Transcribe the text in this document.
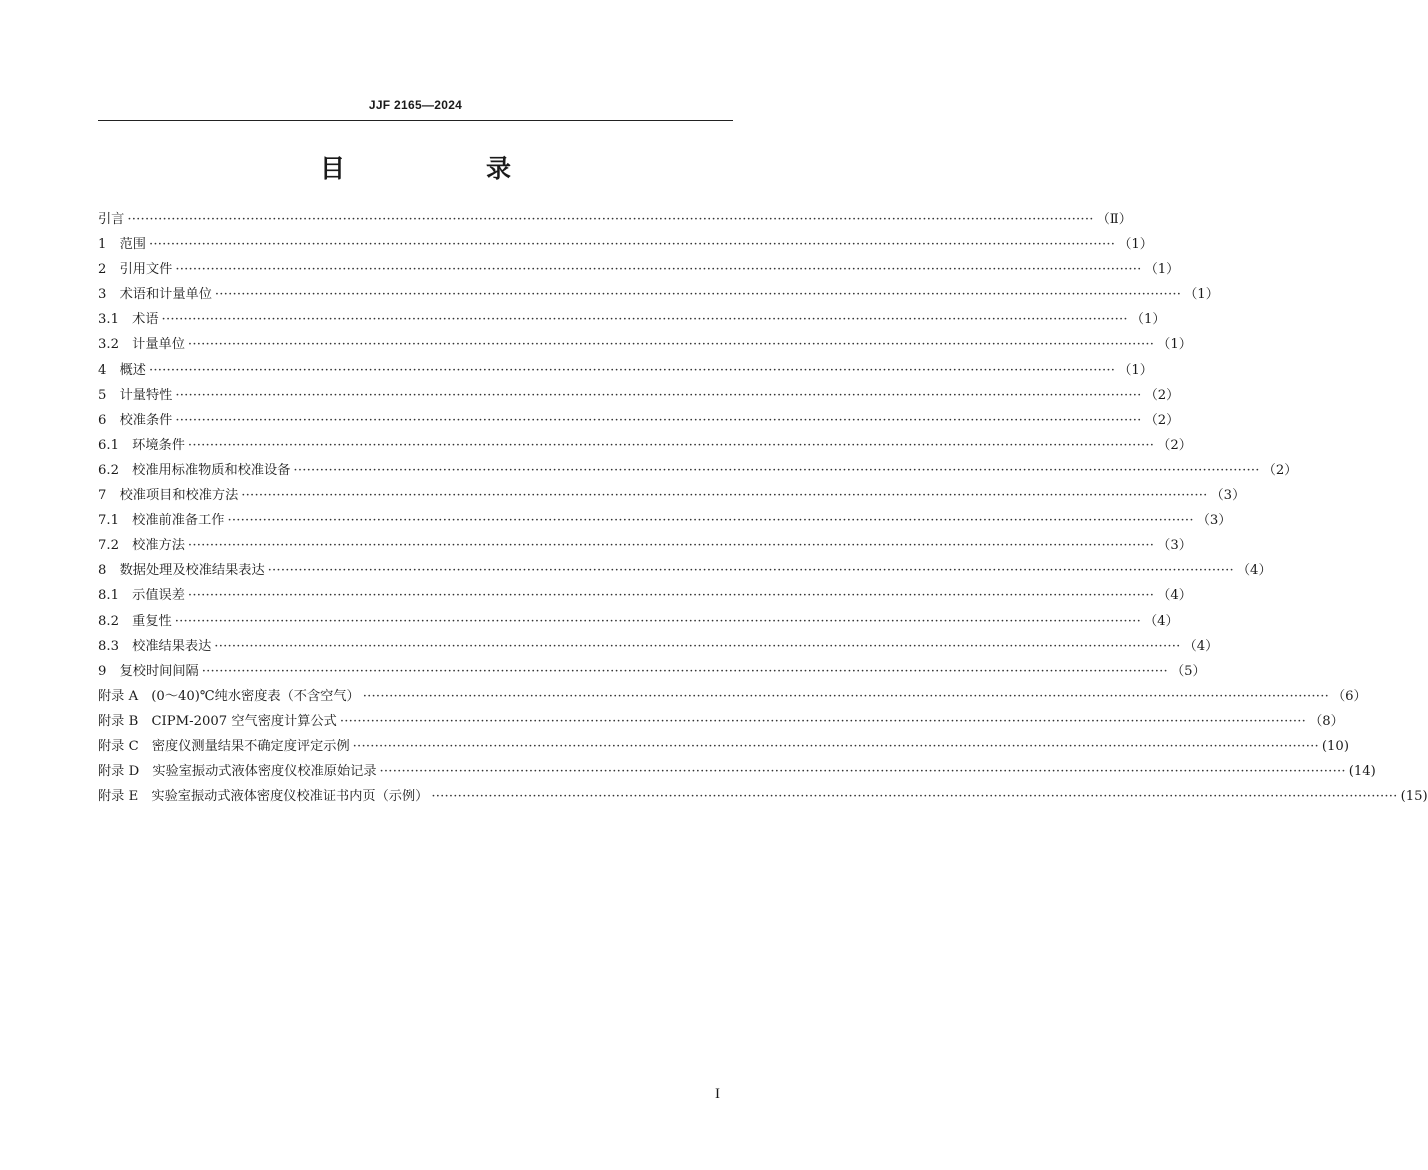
JJF 2165—2024
目　录
引言 ···························································································································································································································· （Ⅱ）
1　范围 ···························································································································································································································· （1）
2　引用文件 ···························································································································································································································· （1）
3　术语和计量单位 ···························································································································································································································· （1）
3.1　术语 ···························································································································································································································· （1）
3.2　计量单位 ···························································································································································································································· （1）
4　概述 ···························································································································································································································· （1）
5　计量特性 ···························································································································································································································· （2）
6　校准条件 ···························································································································································································································· （2）
6.1　环境条件 ···························································································································································································································· （2）
6.2　校准用标准物质和校准设备 ···························································································································································································································· （2）
7　校准项目和校准方法 ···························································································································································································································· （3）
7.1　校准前准备工作 ···························································································································································································································· （3）
7.2　校准方法 ···························································································································································································································· （3）
8　数据处理及校准结果表达 ···························································································································································································································· （4）
8.1　示值误差 ···························································································································································································································· （4）
8.2　重复性 ···························································································································································································································· （4）
8.3　校准结果表达 ···························································································································································································································· （4）
9　复校时间间隔 ···························································································································································································································· （5）
附录 A　(0～40)℃纯水密度表（不含空气） ···························································································································································································································· （6）
附录 B　CIPM-2007 空气密度计算公式 ···························································································································································································································· （8）
附录 C　密度仪测量结果不确定度评定示例 ···························································································································································································································· (10)
附录 D　实验室振动式液体密度仪校准原始记录 ···························································································································································································································· (14)
附录 E　实验室振动式液体密度仪校准证书内页（示例） ···························································································································································································································· (15)
I
